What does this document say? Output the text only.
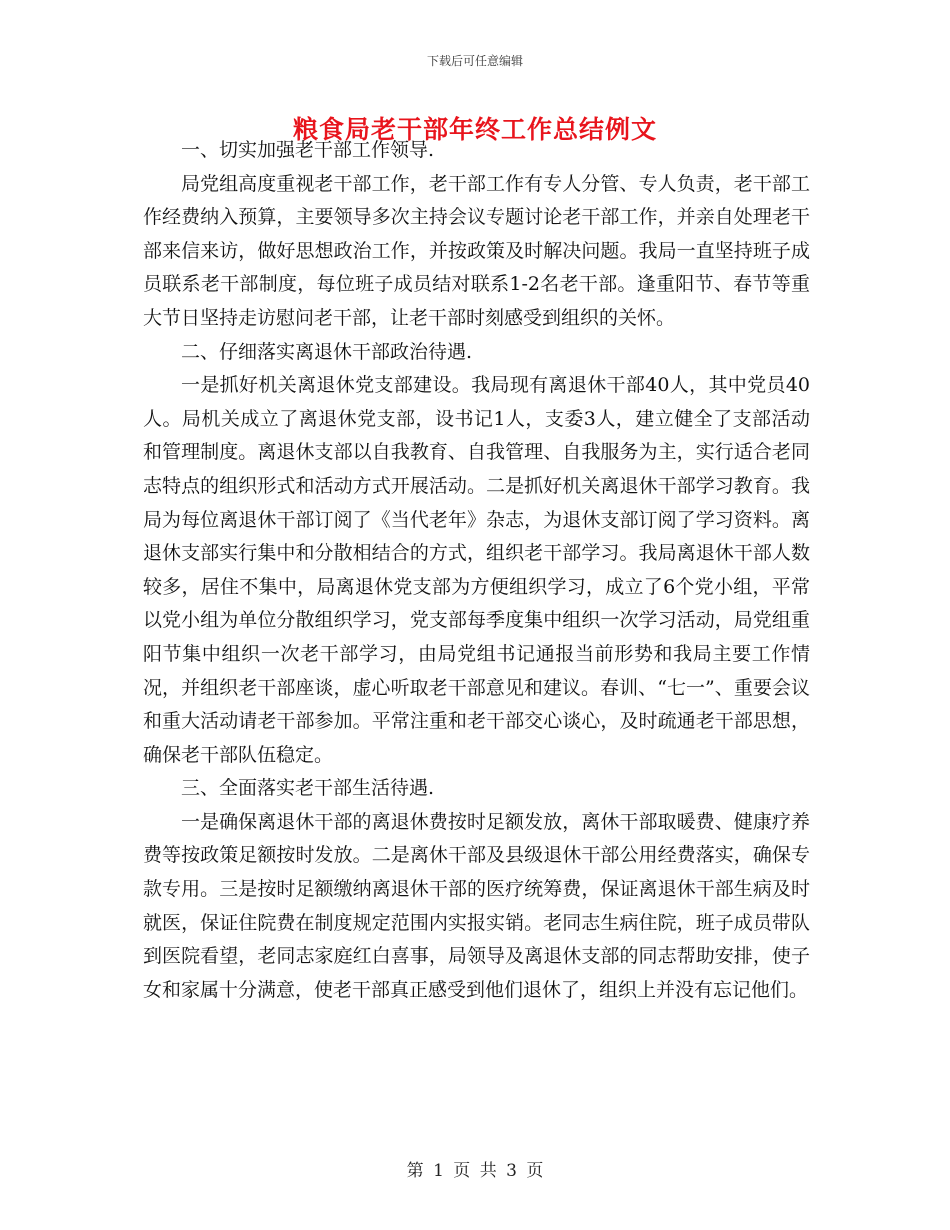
下载后可任意编辑
粮食局老干部年终工作总结例文

一、切实加强老干部工作领导.

局党组高度重视老干部工作，老干部工作有专人分管、专人负责，老干部工作经费纳入预算，主要领导多次主持会议专题讨论老干部工作，并亲自处理老干部来信来访，做好思想政治工作，并按政策及时解决问题。我局一直坚持班子成员联系老干部制度，每位班子成员结对联系1-2名老干部。逢重阳节、春节等重大节日坚持走访慰问老干部，让老干部时刻感受到组织的关怀。

二、仔细落实离退休干部政治待遇.

一是抓好机关离退休党支部建设。我局现有离退休干部40人，其中党员40人。局机关成立了离退休党支部，设书记1人，支委3人，建立健全了支部活动和管理制度。离退休支部以自我教育、自我管理、自我服务为主，实行适合老同志特点的组织形式和活动方式开展活动。二是抓好机关离退休干部学习教育。我局为每位离退休干部订阅了《当代老年》杂志，为退休支部订阅了学习资料。离退休支部实行集中和分散相结合的方式，组织老干部学习。我局离退休干部人数较多，居住不集中，局离退休党支部为方便组织学习，成立了6个党小组，平常以党小组为单位分散组织学习，党支部每季度集中组织一次学习活动，局党组重阳节集中组织一次老干部学习，由局党组书记通报当前形势和我局主要工作情况，并组织老干部座谈，虚心听取老干部意见和建议。春训、“七一”、重要会议和重大活动请老干部参加。平常注重和老干部交心谈心，及时疏通老干部思想，确保老干部队伍稳定。

三、全面落实老干部生活待遇.

一是确保离退休干部的离退休费按时足额发放，离休干部取暖费、健康疗养费等按政策足额按时发放。二是离休干部及县级退休干部公用经费落实，确保专款专用。三是按时足额缴纳离退休干部的医疗统筹费，保证离退休干部生病及时就医，保证住院费在制度规定范围内实报实销。老同志生病住院，班子成员带队到医院看望，老同志家庭红白喜事，局领导及离退休支部的同志帮助安排，使子女和家属十分满意，使老干部真正感受到他们退休了，组织上并没有忘记他们。

第 1 页 共 3 页
